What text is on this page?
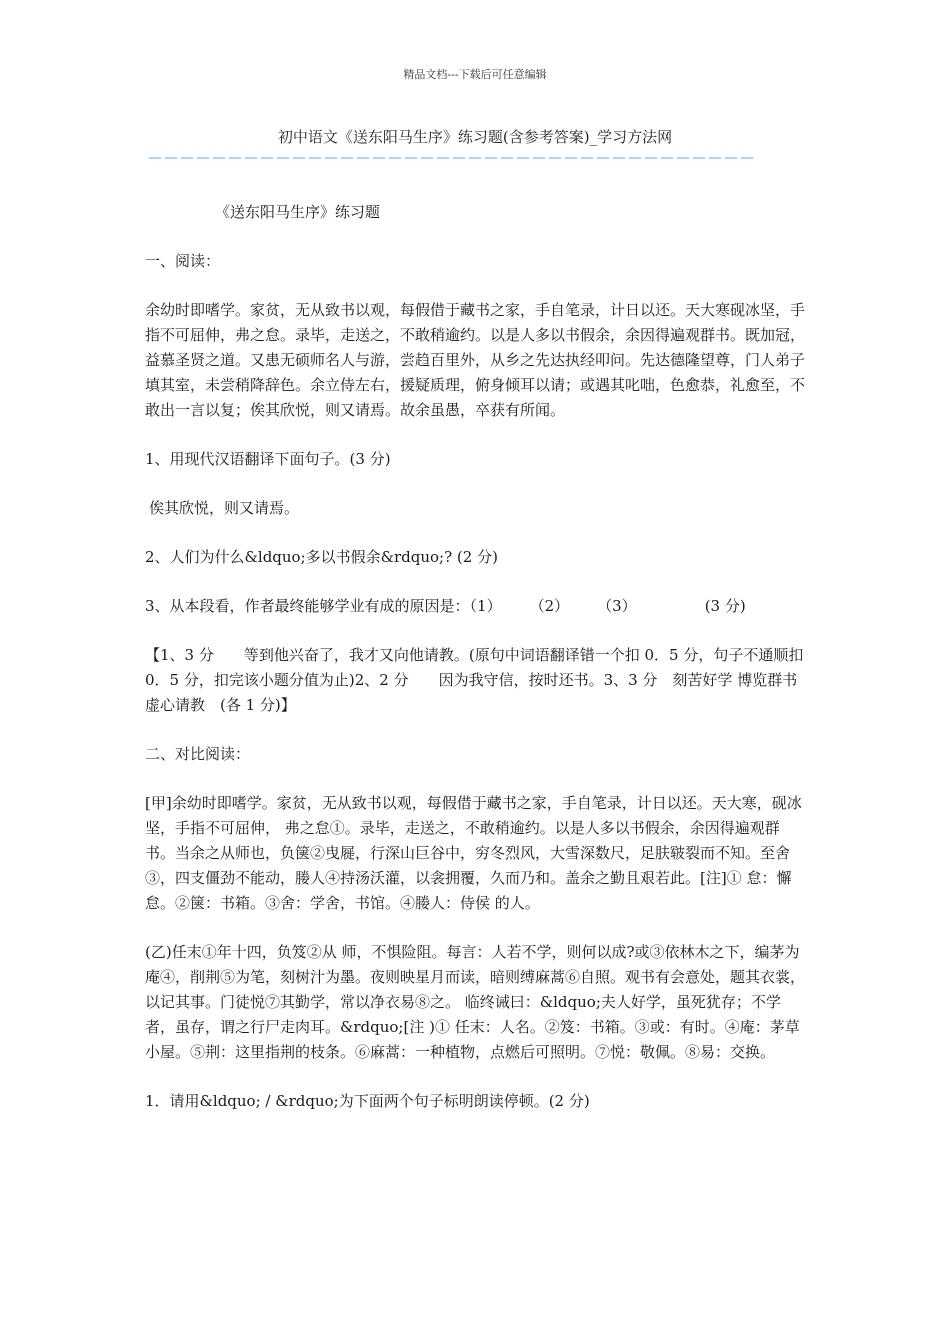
精品文档---下载后可任意编辑
初中语文《送东阳马生序》练习题(含参考答案)_学习方法网
——————————————————————————————————————

《送东阳马生序》练习题

一、阅读：

余幼时即嗜学。家贫，无从致书以观，每假借于藏书之家，手自笔录，计日以还。天大寒砚冰坚，手指不可屈伸，弗之怠。录毕，走送之，不敢稍逾约。以是人多以书假余，余因得遍观群书。既加冠，益慕圣贤之道。又患无硕师名人与游，尝趋百里外，从乡之先达执经叩问。先达德隆望尊，门人弟子填其室，未尝稍降辞色。余立侍左右，援疑质理，俯身倾耳以请；或遇其叱咄，色愈恭，礼愈至，不敢出一言以复；俟其欣悦，则又请焉。故余虽愚，卒获有所闻。

1、用现代汉语翻译下面句子。(3 分)

俟其欣悦，则又请焉。

2、人们为什么&ldquo;多以书假余&rdquo;? (2 分)

3、从本段看，作者最终能够学业有成的原因是：（1） （2） （3）	(3 分)

【1、3 分　　等到他兴奋了，我才又向他请教。(原句中词语翻译错一个扣 0．5 分，句子不通顺扣 0．5 分，扣完该小题分值为止)2、2 分　　因为我守信，按时还书。3、3 分　刻苦好学 博览群书 虚心请教　(各 1 分)】

二、对比阅读：

[甲]余幼时即嗜学。家贫，无从致书以观，每假借于藏书之家，手自笔录，计日以还。天大寒，砚冰 坚，手指不可屈伸， 弗之怠①。录毕，走送之，不敢稍逾约。以是人多以书假余，余因得遍观群书。当余之从师也，负箧②曳屣，行深山巨谷中，穷冬烈风，大雪深数尺，足肤皲裂而不知。至舍③，四支僵劲不能动，媵人④持汤沃灌，以衾拥覆，久而乃和。盖余之勤且艰若此。[注]① 怠：懈怠。②箧：书箱。③舍：学舍，书馆。④媵人：侍侯 的人。

(乙)任末①年十四，负笈②从 师，不惧险阻。每言：人若不学，则何以成?或③依林木之下，编茅为庵④，削荆⑤为笔，刻树汁为墨。夜则映星月而读，暗则缚麻蒿⑥自照。观书有会意处，题其衣裳，以记其事。门徒悦⑦其勤学，常以净衣易⑧之。 临终诫曰：&ldquo;夫人好学，虽死犹存；不学者，虽存，谓之行尸走肉耳。&rdquo;[注 )① 任末：人名。②笈：书箱。③或：有时。④庵：茅草小屋。⑤荆：这里指荆的枝条。⑥麻蒿：一种植物，点燃后可照明。⑦悦：敬佩。⑧易：交换。

1．请用&ldquo; / &rdquo;为下面两个句子标明朗读停顿。(2 分)
